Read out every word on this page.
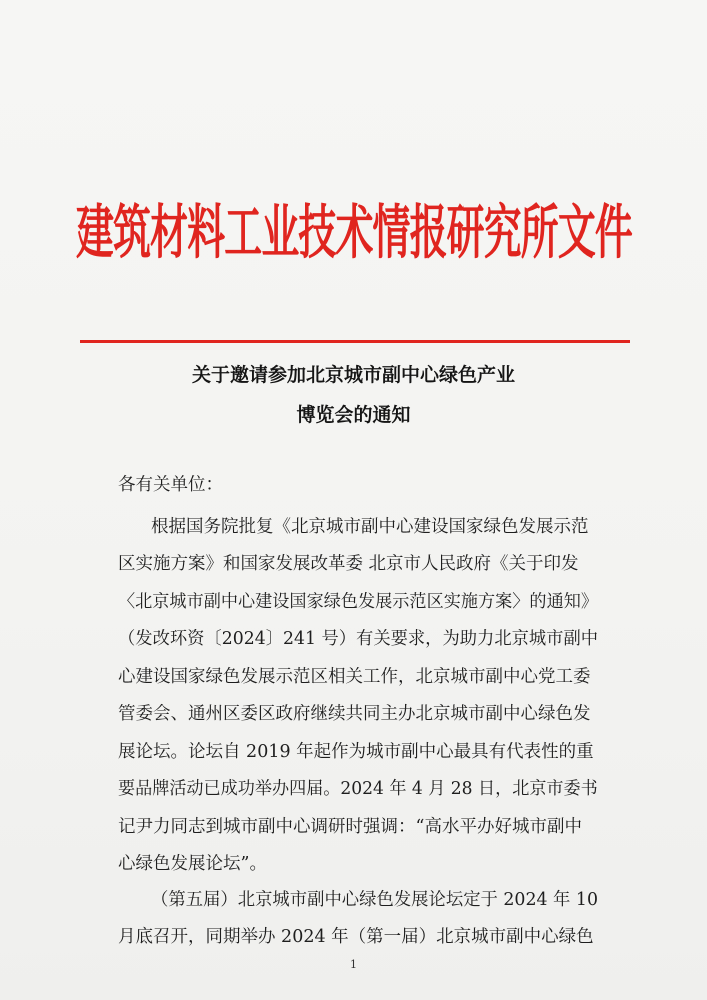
建筑材料工业技术情报研究所文件
关于邀请参加北京城市副中心绿色产业
博览会的通知
各有关单位：
根据国务院批复《北京城市副中心建设国家绿色发展示范
区实施方案》和国家发展改革委 北京市人民政府《关于印发
〈北京城市副中心建设国家绿色发展示范区实施方案〉的通知》
（发改环资〔2024〕241 号）有关要求，为助力北京城市副中
心建设国家绿色发展示范区相关工作，北京城市副中心党工委
管委会、通州区委区政府继续共同主办北京城市副中心绿色发
展论坛。论坛自 2019 年起作为城市副中心最具有代表性的重
要品牌活动已成功举办四届。2024 年 4 月 28 日，北京市委书
记尹力同志到城市副中心调研时强调：“高水平办好城市副中
心绿色发展论坛”。
（第五届）北京城市副中心绿色发展论坛定于 2024 年 10
月底召开，同期举办 2024 年（第一届）北京城市副中心绿色
1
